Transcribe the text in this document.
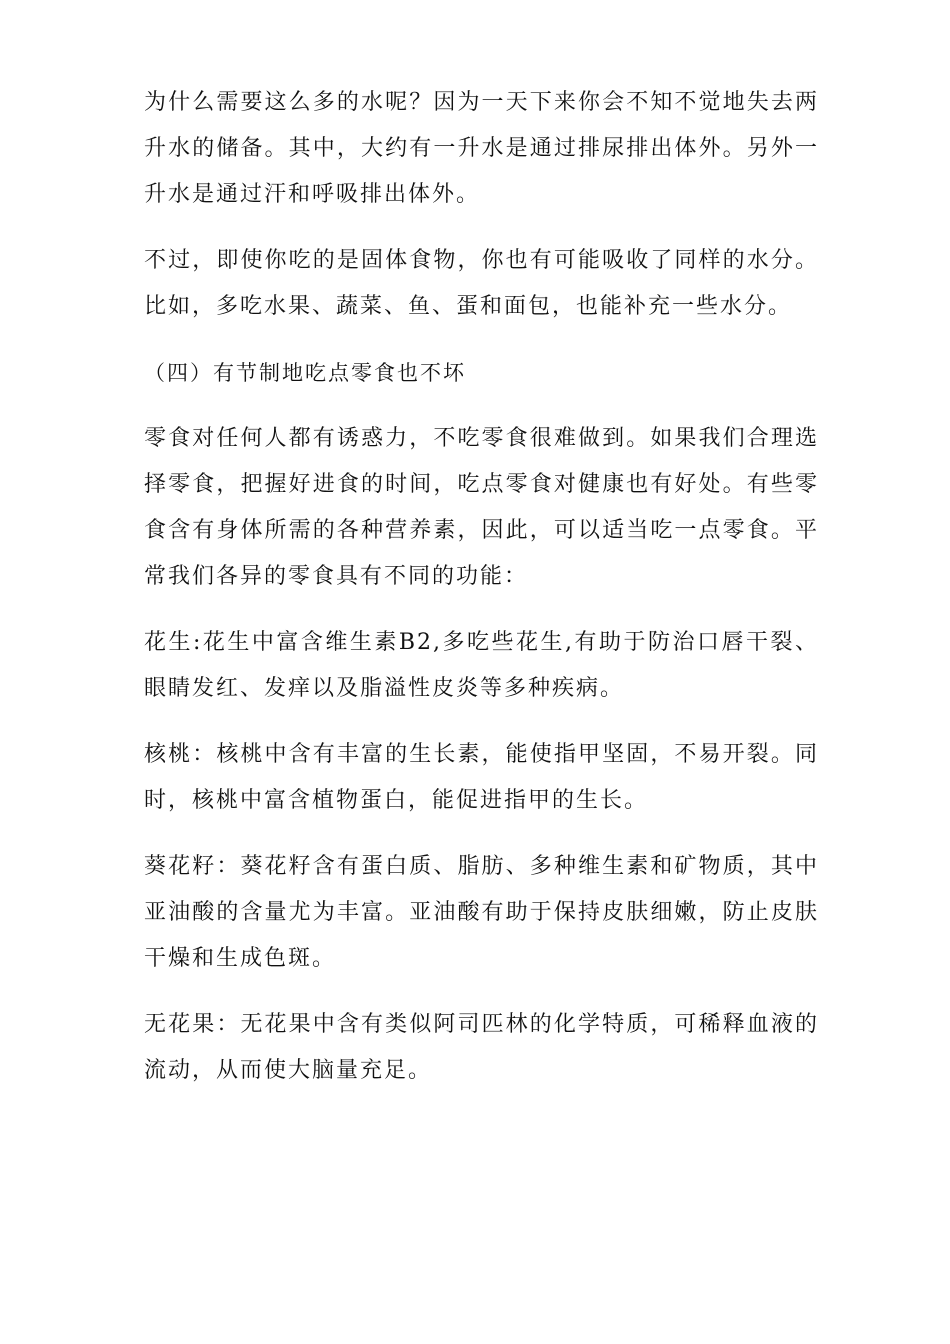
为什么需要这么多的水呢？因为一天下来你会不知不觉地失去两升水的储备。其中，大约有一升水是通过排尿排出体外。另外一升水是通过汗和呼吸排出体外。

不过，即使你吃的是固体食物，你也有可能吸收了同样的水分。比如，多吃水果、蔬菜、鱼、蛋和面包，也能补充一些水分。

（四）有节制地吃点零食也不坏

零食对任何人都有诱惑力，不吃零食很难做到。如果我们合理选择零食，把握好进食的时间，吃点零食对健康也有好处。有些零食含有身体所需的各种营养素，因此，可以适当吃一点零食。平常我们各异的零食具有不同的功能：

花生:花生中富含维生素B2,多吃些花生,有助于防治口唇干裂、眼睛发红、发痒以及脂溢性皮炎等多种疾病。

核桃：核桃中含有丰富的生长素，能使指甲坚固，不易开裂。同时，核桃中富含植物蛋白，能促进指甲的生长。

葵花籽：葵花籽含有蛋白质、脂肪、多种维生素和矿物质，其中亚油酸的含量尤为丰富。亚油酸有助于保持皮肤细嫩，防止皮肤干燥和生成色斑。

无花果：无花果中含有类似阿司匹林的化学特质，可稀释血液的流动，从而使大脑量充足。
